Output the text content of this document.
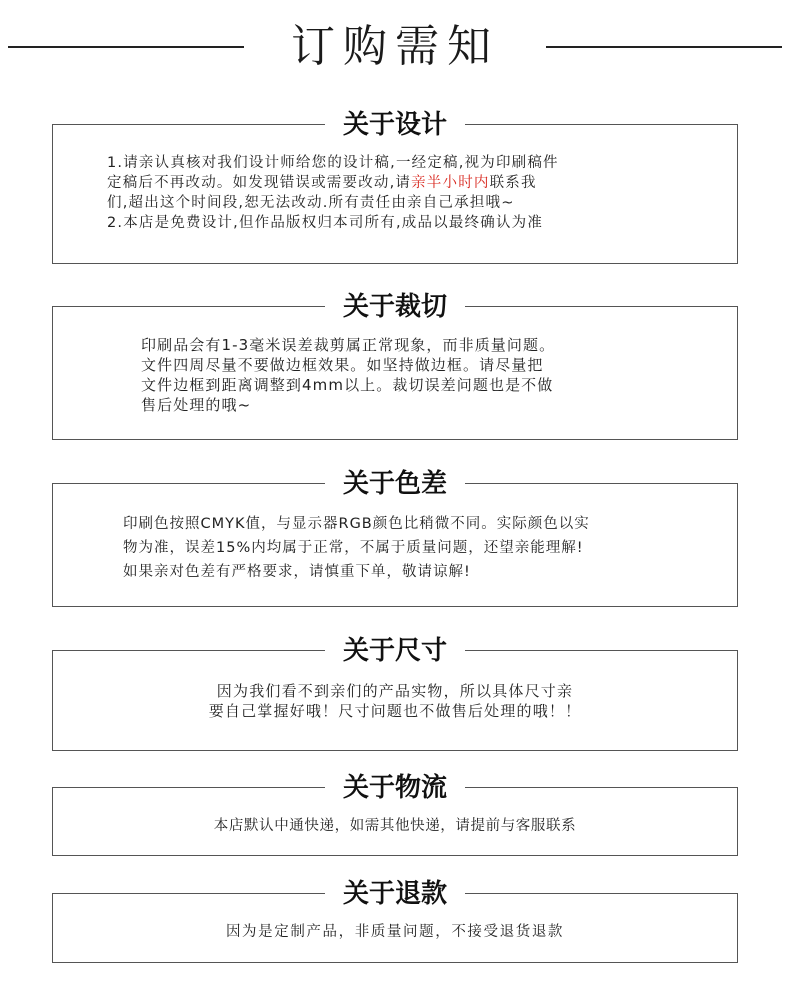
订购需知
关于设计
1.请亲认真核对我们设计师给您的设计稿,一经定稿,视为印刷稿件
定稿后不再改动。如发现错误或需要改动,请亲半小时内联系我
们,超出这个时间段,恕无法改动.所有责任由亲自己承担哦~
2.本店是免费设计,但作品版权归本司所有,成品以最终确认为准
关于裁切
印刷品会有1-3毫米误差裁剪属正常现象，而非质量问题。
文件四周尽量不要做边框效果。如坚持做边框。请尽量把
文件边框到距离调整到4mm以上。裁切误差问题也是不做
售后处理的哦~
关于色差
印刷色按照CMYK值，与显示器RGB颜色比稍微不同。实际颜色以实
物为准，误差15%内均属于正常，不属于质量问题，还望亲能理解!
如果亲对色差有严格要求，请慎重下单，敬请谅解!
关于尺寸
因为我们看不到亲们的产品实物，所以具体尺寸亲
要自己掌握好哦！尺寸问题也不做售后处理的哦！！
关于物流
本店默认中通快递，如需其他快递，请提前与客服联系
关于退款
因为是定制产品，非质量问题，不接受退货退款
